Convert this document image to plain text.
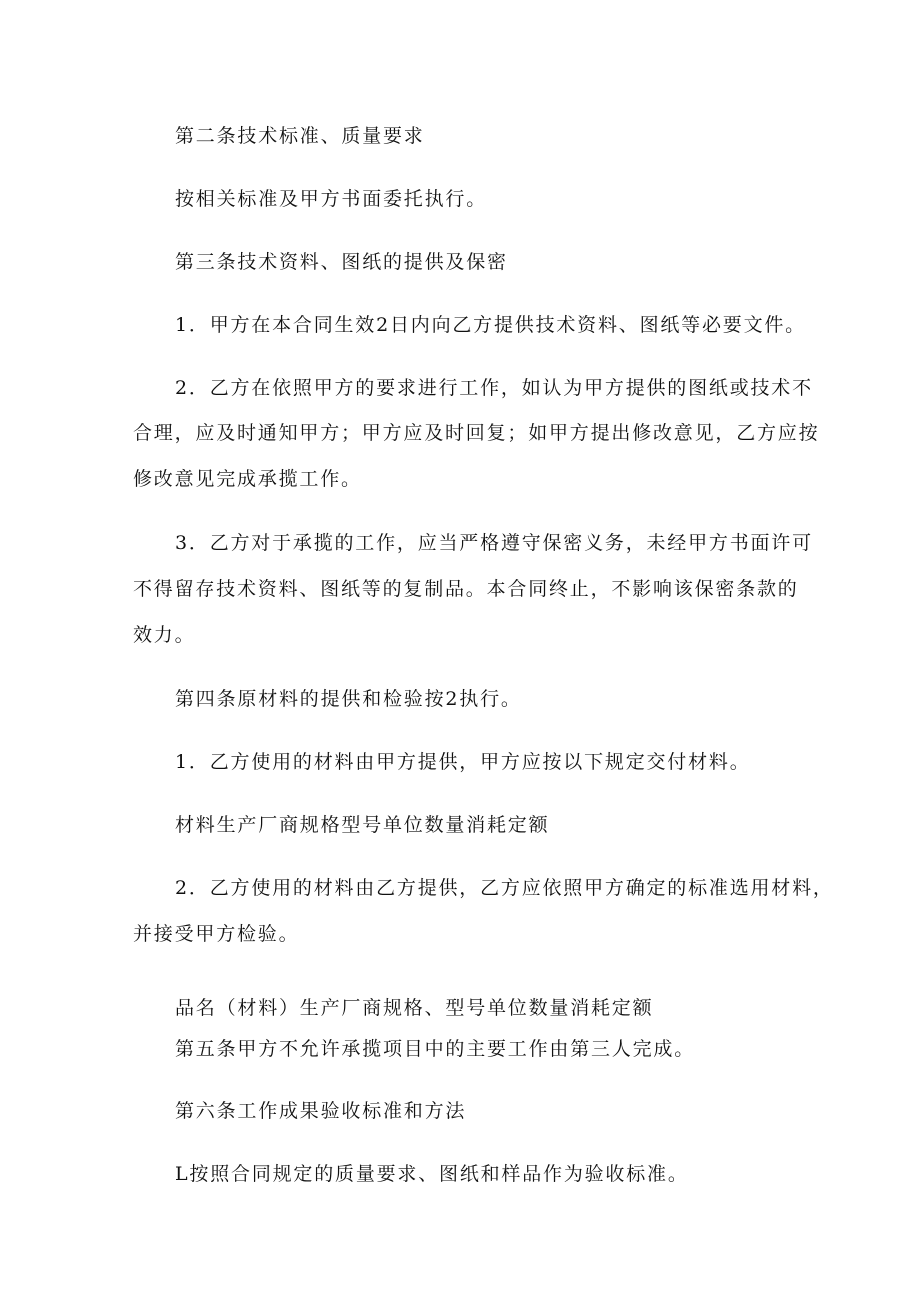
第二条技术标准、质量要求

按相关标准及甲方书面委托执行。

第三条技术资料、图纸的提供及保密

1．甲方在本合同生效2日内向乙方提供技术资料、图纸等必要文件。

2．乙方在依照甲方的要求进行工作，如认为甲方提供的图纸或技术不

合理，应及时通知甲方；甲方应及时回复；如甲方提出修改意见，乙方应按

修改意见完成承揽工作。

3．乙方对于承揽的工作，应当严格遵守保密义务，未经甲方书面许可

不得留存技术资料、图纸等的复制品。本合同终止，不影响该保密条款的

效力。

第四条原材料的提供和检验按2执行。

1．乙方使用的材料由甲方提供，甲方应按以下规定交付材料。

材料生产厂商规格型号单位数量消耗定额

2．乙方使用的材料由乙方提供，乙方应依照甲方确定的标准选用材料，

并接受甲方检验。

品名（材料）生产厂商规格、型号单位数量消耗定额

第五条甲方不允许承揽项目中的主要工作由第三人完成。

第六条工作成果验收标准和方法

L按照合同规定的质量要求、图纸和样品作为验收标准。
